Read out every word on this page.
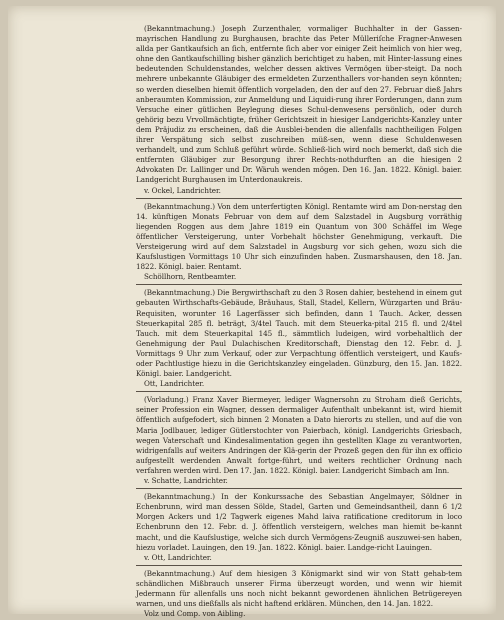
(Bekanntmachung.) Joseph Zurzenthaler, vormaliger Buchhalter in der Gassen-mayrischen Handlung zu Burghausen, brachte das Peter Mülleriſche Fragner-Anwesen allda per Gantkaufsich an ſich, entfernte ſich aber vor einiger Zeit heimlich von hier weg, ohne den Gantkaufschilling bisher gänzlich berichtiget zu haben, mit Hinter-lassung eines bedeutenden Schuldenstandes, welcher dessen aktives Vermögen über-steigt. Da noch mehrere unbekannte Gläubiger des ermeldeten Zurzenthallers vor-handen seyn könnten; so werden dieselben hiemit öffentlich vorgeladen, den der auf den 27. Februar dieß Jahrs anberaumten Kommission, zur Anmeldung und Liquidi-rung ihrer Forderungen, dann zum Versuche einer gütlichen Beylegung dieses Schul-denwesens persönlich, oder durch gehörig bezu Vrvollmächtigte, früher Gerichtszeit in hiesiger Landgerichts-Kanzley unter dem Präjudiz zu erscheinen, daß die Ausblei-benden die allenfalls nachtheiligen Folgen ihrer Verspätung sich selbst zuschreiben müß-sen, wenn diese Schuldenwesen verhandelt, und zum Schluß geführt würde. Schließ-lich wird noch bemerkt, daß sich die entfernten Gläubiger zur Besorgung ihrer Rechts-nothdurften an die hiesigen 2 Advokaten Dr. Lallinger und Dr. Wäruh wenden mögen. Den 16. Jan. 1822. Königl. baier. Landgericht Burghausen im Unterdonaukreis.

v. Ockel, Landrichter.

(Bekanntmachung.) Von dem unterfertigten Königl. Rentamte wird am Don-nerstag den 14. künftigen Monats Februar von dem auf dem Salzstadel in Augsburg vorräthig liegenden Roggen aus dem Jahre 1819 ein Quantum von 300 Schäffel im Wege öffentlicher Versteigerung, unter Vorbehalt höchster Genehmigung, verkauft. Die Versteigerung wird auf dem Salzstadel in Augsburg vor sich gehen, wozu sich die Kaufslustigen Vormittags 10 Uhr sich einzufinden haben. Zusmarshausen, den 18. Jan. 1822. Königl. baier. Rentamt.

Schöllhorn, Rentbeamter.

(Bekanntmachung.) Die Bergwirthschaft zu den 3 Rosen dahier, bestehend in einem gut gebauten Wirthschafts-Gebäude, Bräuhaus, Stall, Stadel, Kellern, Würzgarten und Bräu-Requisiten, worunter 16 Lagerfässer sich befinden, dann 1 Tauch. Acker, dessen Steuerkapital 285 fl. beträgt, 3/4tel Tauch. mit dem Steuerka-pital 215 fl. und 2/4tel Tauch. mit dem Steuerkapital 145 fl., sämmtlich ludeigen, wird vorbehaltlich der Genehmigung der Paul Dulachischen Kreditorschaft, Dienstag den 12. Febr. d. J. Vormittags 9 Uhr zum Verkauf, oder zur Verpachtung öffentlich versteigert, und Kaufs- oder Pachtlustige hiezu in die Gerichtskanzley eingeladen. Günzburg, den 15. Jan. 1822. Königl. baier. Landgericht.

Ott, Landrichter.

(Vorladung.) Franz Xaver Biermeyer, lediger Wagnersohn zu Stroham dieß Gerichts, seiner Profession ein Wagner, dessen dermaliger Aufenthalt unbekannt ist, wird hiemit öffentlich aufgefodert, sich binnen 2 Monaten a Dato hierorts zu stellen, und auf die von Maria Jodlbauer, lediger Gütlerstochter von Paierbach, königl. Landgerichts Griesbach, wegen Vaterschaft und Kindesalimentation gegen ihn gestellten Klage zu verantworten, widrigenfalls auf weiters Andringen der Klä-gerin der Prozeß gegen den für ihn ex officio aufgestellt werdenden Anwalt fortge-führt, und weiters rechtlicher Ordnung nach verfahren werden wird. Den 17. Jan. 1822. Königl. baier. Landgericht Simbach am Inn.

v. Schatte, Landrichter.

(Bekanntmachung.) In der Konkurssache des Sebastian Angelmayer, Söldner in Echenbrunn, wird man dessen Sölde, Stadel, Garten und Gemeindsantheil, dann 6 1/2 Morgen Ackers und 1/2 Tagwerk eigenes Mahd laiva ratificatione creditorum in loco Echenbrunn den 12. Febr. d. J. öffentlich versteigern, welches man hiemit be-kannt macht, und die Kaufslustige, welche sich durch Vermögens-Zeugniß auszuwei-sen haben, hiezu vorladet. Lauingen, den 19. Jan. 1822. Königl. baier. Landge-richt Lauingen.

v. Ott, Landrichter.

(Bekanntmachung.) Auf dem hiesigen 3 Königmarkt sind wir von Statt gehab-tem schändlichen Mißbrauch unserer Firma überzeugt worden, und wenn wir hiemit Jedermann für allenfalls uns noch nicht bekannt gewordenen ähnlichen Betrügereyen warnen, und uns dießfalls als nicht haftend erklären. München, den 14. Jan. 1822.

Volz und Comp. von Aibling.
